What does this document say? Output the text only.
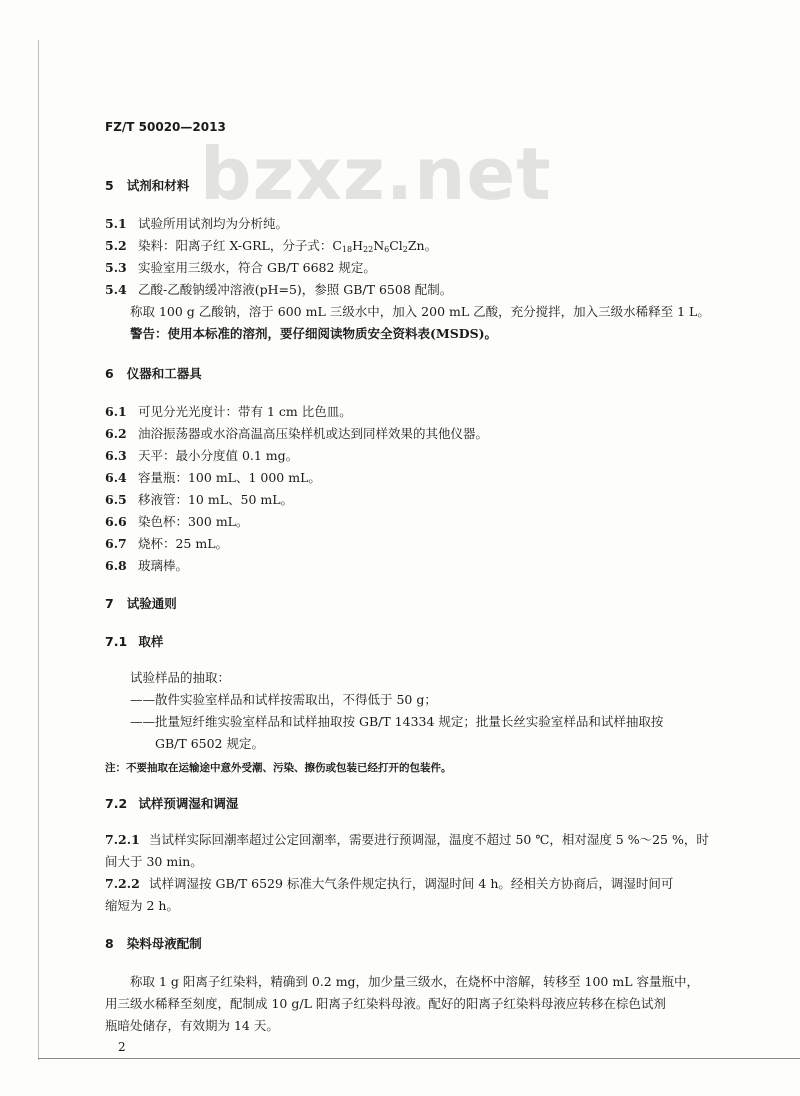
bzxz.net
FZ/T 50020—2013
5 试剂和材料
5.1 试验所用试剂均为分析纯。
5.2 染料：阳离子红 X-GRL，分子式：$C_{18}H_{22}N_6Cl_2Zn$。
5.3 实验室用三级水，符合 GB/T 6682 规定。
5.4 乙酸-乙酸钠缓冲溶液(pH=5)，参照 GB/T 6508 配制。
称取 100 g 乙酸钠，溶于 600 mL 三级水中，加入 200 mL 乙酸，充分搅拌，加入三级水稀释至 1 L。
警告：使用本标准的溶剂，要仔细阅读物质安全资料表(MSDS)。
6 仪器和工器具
6.1 可见分光光度计：带有 1 cm 比色皿。
6.2 油浴振荡器或水浴高温高压染样机或达到同样效果的其他仪器。
6.3 天平：最小分度值 0.1 mg。
6.4 容量瓶：100 mL、1 000 mL。
6.5 移液管：10 mL、50 mL。
6.6 染色杯：300 mL。
6.7 烧杯：25 mL。
6.8 玻璃棒。
7 试验通则
7.1 取样
试验样品的抽取：
——散件实验室样品和试样按需取出，不得低于 50 g；
——批量短纤维实验室样品和试样抽取按 GB/T 14334 规定；批量长丝实验室样品和试样抽取按
GB/T 6502 规定。
注：不要抽取在运输途中意外受潮、污染、擦伤或包装已经打开的包装件。
7.2 试样预调湿和调湿
7.2.1 当试样实际回潮率超过公定回潮率，需要进行预调湿，温度不超过 50 ℃，相对湿度 5 %～25 %，时
间大于 30 min。
7.2.2 试样调湿按 GB/T 6529 标准大气条件规定执行，调湿时间 4 h。经相关方协商后，调湿时间可
缩短为 2 h。
8 染料母液配制
称取 1 g 阳离子红染料，精确到 0.2 mg，加少量三级水，在烧杯中溶解，转移至 100 mL 容量瓶中，
用三级水稀释至刻度，配制成 10 g/L 阳离子红染料母液。配好的阳离子红染料母液应转移在棕色试剂
瓶暗处储存，有效期为 14 天。
2
